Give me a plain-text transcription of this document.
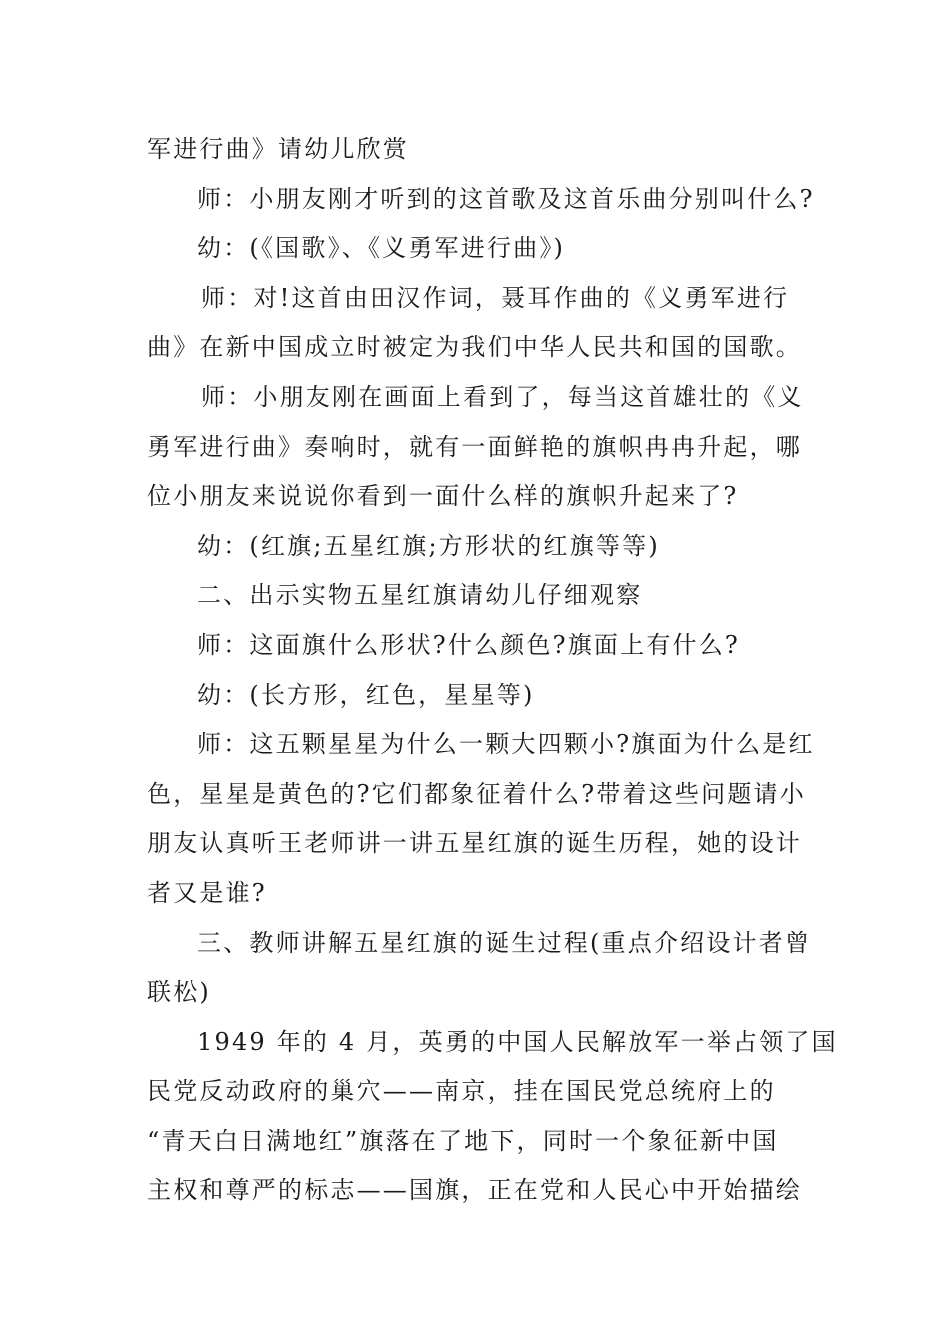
军进行曲》请幼儿欣赏
师：小朋友刚才听到的这首歌及这首乐曲分别叫什么?
幼：(《国歌》、《义勇军进行曲》)
师：对!这首由田汉作词，聂耳作曲的《义勇军进行
曲》在新中国成立时被定为我们中华人民共和国的国歌。
师：小朋友刚在画面上看到了，每当这首雄壮的《义
勇军进行曲》奏响时，就有一面鲜艳的旗帜冉冉升起，哪
位小朋友来说说你看到一面什么样的旗帜升起来了?
幼：(红旗;五星红旗;方形状的红旗等等)
二、出示实物五星红旗请幼儿仔细观察
师：这面旗什么形状?什么颜色?旗面上有什么?
幼：(长方形，红色，星星等)
师：这五颗星星为什么一颗大四颗小?旗面为什么是红
色，星星是黄色的?它们都象征着什么?带着这些问题请小
朋友认真听王老师讲一讲五星红旗的诞生历程，她的设计
者又是谁?
三、教师讲解五星红旗的诞生过程(重点介绍设计者曾
联松)
1949 年的 4 月，英勇的中国人民解放军一举占领了国
民党反动政府的巢穴——南京，挂在国民党总统府上的
“青天白日满地红”旗落在了地下，同时一个象征新中国
主权和尊严的标志——国旗，正在党和人民心中开始描绘
